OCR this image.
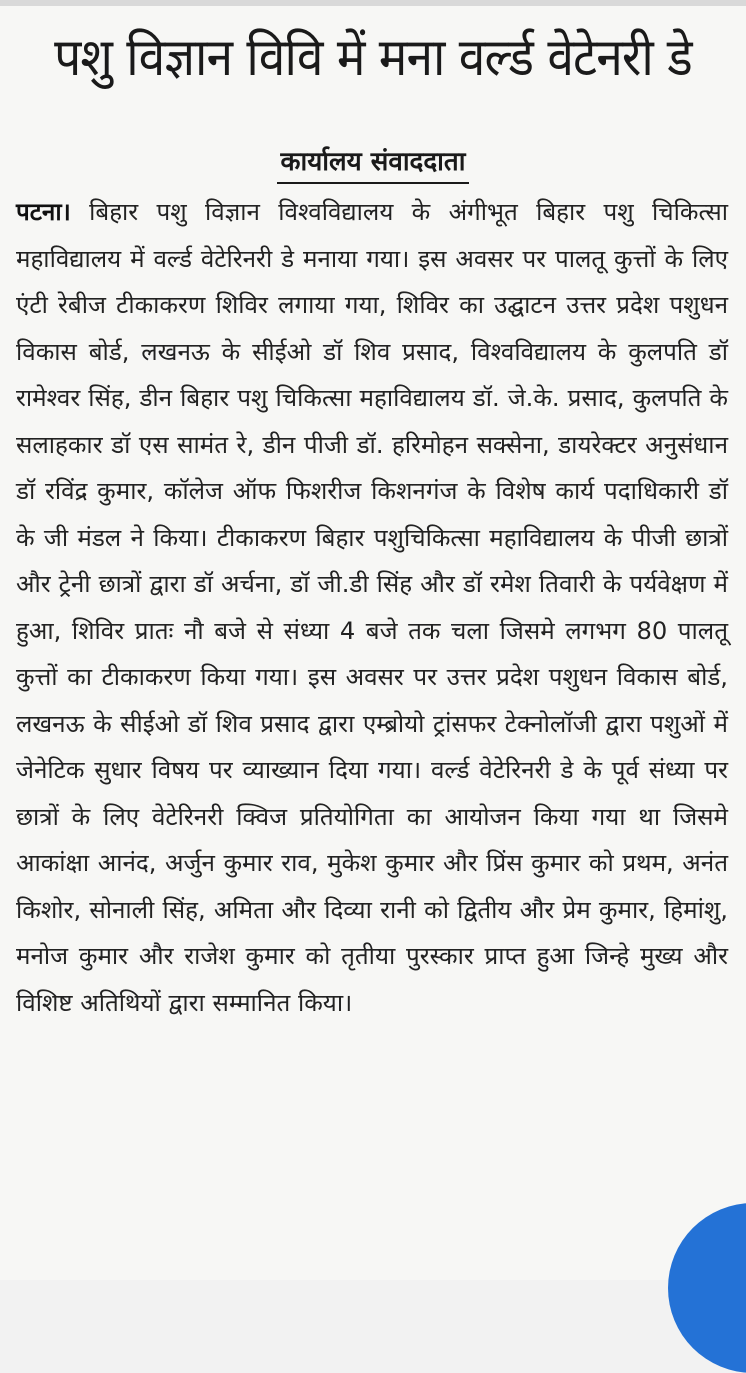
पशु विज्ञान विवि में मना वर्ल्ड वेटेनरी डे
कार्यालय संवाददाता

पटना। बिहार पशु विज्ञान विश्वविद्यालय के अंगीभूत बिहार पशु चिकित्सा महाविद्यालय में वर्ल्ड वेटेरिनरी डे मनाया गया। इस अवसर पर पालतू कुत्तों के लिए एंटी रेबीज टीकाकरण शिविर लगाया गया, शिविर का उद्घाटन उत्तर प्रदेश पशुधन विकास बोर्ड, लखनऊ के सीईओ डॉ शिव प्रसाद, विश्वविद्यालय के कुलपति डॉ रामेश्वर सिंह, डीन बिहार पशु चिकित्सा महाविद्यालय डॉ. जे.के. प्रसाद, कुलपति के सलाहकार डॉ एस सामंत रे, डीन पीजी डॉ. हरिमोहन सक्सेना, डायरेक्टर अनुसंधान डॉ रविंद्र कुमार, कॉलेज ऑफ फिशरीज किशनगंज के विशेष कार्य पदाधिकारी डॉ के जी मंडल ने किया। टीकाकरण बिहार पशुचिकित्सा महाविद्यालय के पीजी छात्रों और ट्रेनी छात्रों द्वारा डॉ अर्चना, डॉ जी.डी सिंह और डॉ रमेश तिवारी के पर्यवेक्षण में हुआ, शिविर प्रातः नौ बजे से संध्या 4 बजे तक चला जिसमे लगभग 80 पालतू कुत्तों का टीकाकरण किया गया। इस अवसर पर उत्तर प्रदेश पशुधन विकास बोर्ड, लखनऊ के सीईओ डॉ शिव प्रसाद द्वारा एम्ब्रोयो ट्रांसफर टेक्नोलॉजी द्वारा पशुओं में जेनेटिक सुधार विषय पर व्याख्यान दिया गया। वर्ल्ड वेटेरिनरी डे के पूर्व संध्या पर छात्रों के लिए वेटेरिनरी क्विज प्रतियोगिता का आयोजन किया गया था जिसमे आकांक्षा आनंद, अर्जुन कुमार राव, मुकेश कुमार और प्रिंस कुमार को प्रथम, अनंत किशोर, सोनाली सिंह, अमिता और दिव्या रानी को द्वितीय और प्रेम कुमार, हिमांशु, मनोज कुमार और राजेश कुमार को तृतीया पुरस्कार प्राप्त हुआ जिन्हे मुख्य और विशिष्ट अतिथियों द्वारा सम्मानित किया।
